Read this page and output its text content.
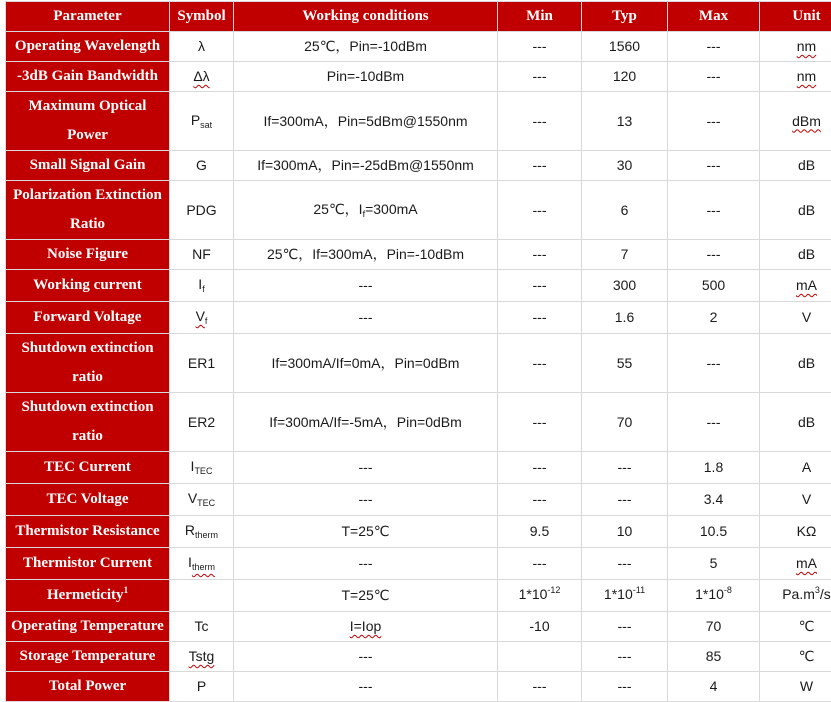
Parameter	Symbol	Working conditions	Min	Typ	Max	Unit
Operating Wavelength	λ	25℃，Pin=-10dBm	---	1560	---	nm
-3dB Gain Bandwidth	Δλ	Pin=-10dBm	---	120	---	nm
Maximum Optical Power	$P_{sat}$	If=300mA，Pin=5dBm@1550nm	---	13	---	dBm
Small Signal Gain	G	If=300mA，Pin=-25dBm@1550nm	---	30	---	dB
Polarization Extinction Ratio	PDG	25℃，$I_f=300mA$	---	6	---	dB
Noise Figure	NF	25℃，If=300mA，Pin=-10dBm	---	7	---	dB
Working current	$I_f$	---	---	300	500	mA
Forward Voltage	$V_f$	---	---	1.6	2	V
Shutdown extinction ratio	ER1	If=300mA/If=0mA，Pin=0dBm	---	55	---	dB
Shutdown extinction ratio	ER2	If=300mA/If=-5mA，Pin=0dBm	---	70	---	dB
TEC Current	$I_{TEC}$	---	---	---	1.8	A
TEC Voltage	$V_{TEC}$	---	---	---	3.4	V
Thermistor Resistance	$R_{therm}$	T=25℃	9.5	10	10.5	KΩ
Thermistor Current	$I_{therm}$	---	---	---	5	mA
Hermeticity$^1$		T=25℃	$1*10^{-12}$	$1*10^{-11}$	$1*10^{-8}$	$Pa.m^3/s$
Operating Temperature	Tc	I=Iop	-10	---	70	℃
Storage Temperature	Tstg	---		---	85	℃
Total Power	P	---	---	---	4	W
